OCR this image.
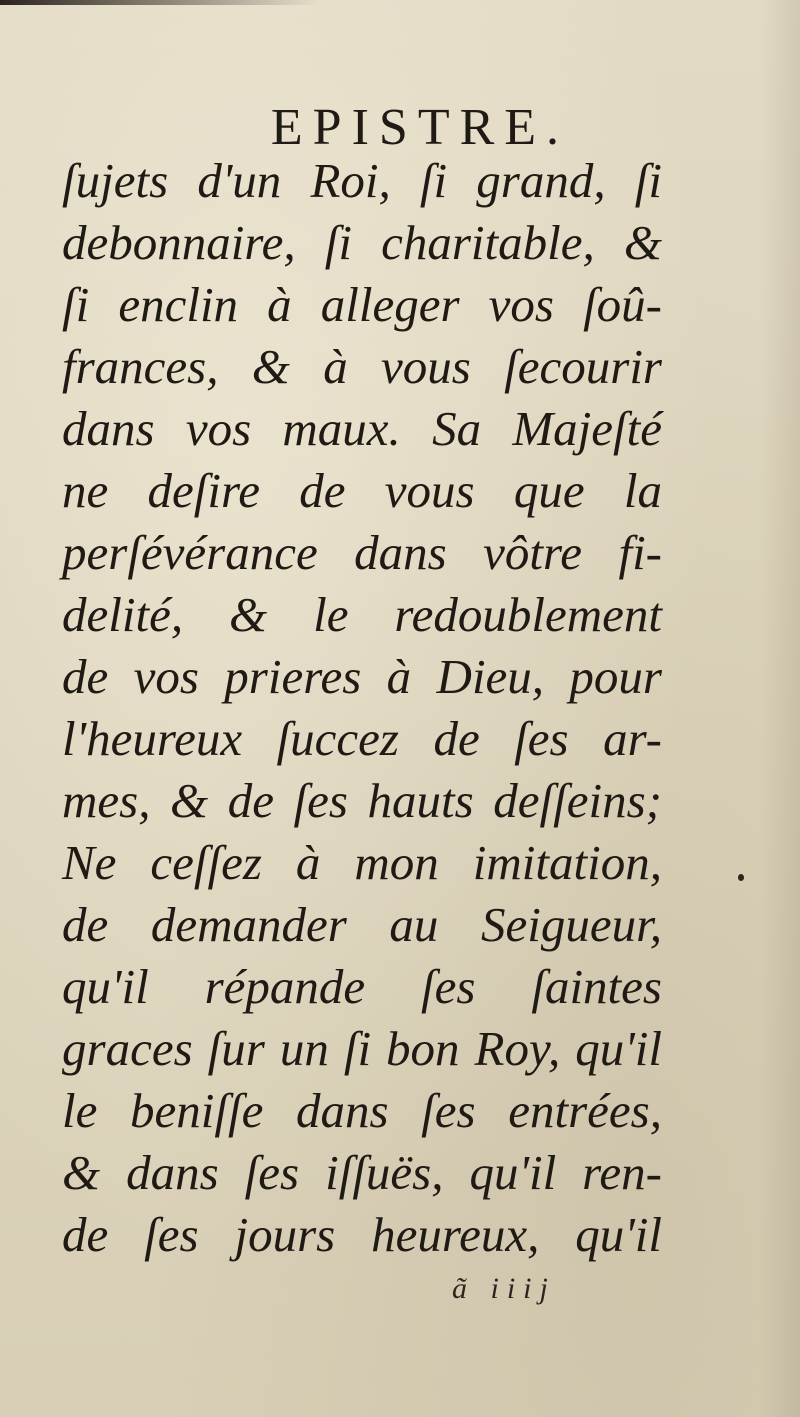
EPISTRE.
ſujets d'un Roi, ſi grand, ſi
debonnaire, ſi charitable, &
ſi enclin à alleger vos ſoû-
frances, & à vous ſecourir
dans vos maux. Sa Majeſté
ne deſire de vous que la
perſévérance dans vôtre fi-
delité, & le redoublement
de vos prieres à Dieu, pour
l'heureux ſuccez de ſes ar-
mes, & de ſes hauts deſſeins;
Ne ceſſez à mon imitation,
de demander au Seigueur,
qu'il répande ſes ſaintes
graces ſur un ſi bon Roy, qu'il
le beniſſe dans ſes entrées,
& dans ſes iſſuës, qu'il ren-
de ſes jours heureux, qu'il
ã iiij
